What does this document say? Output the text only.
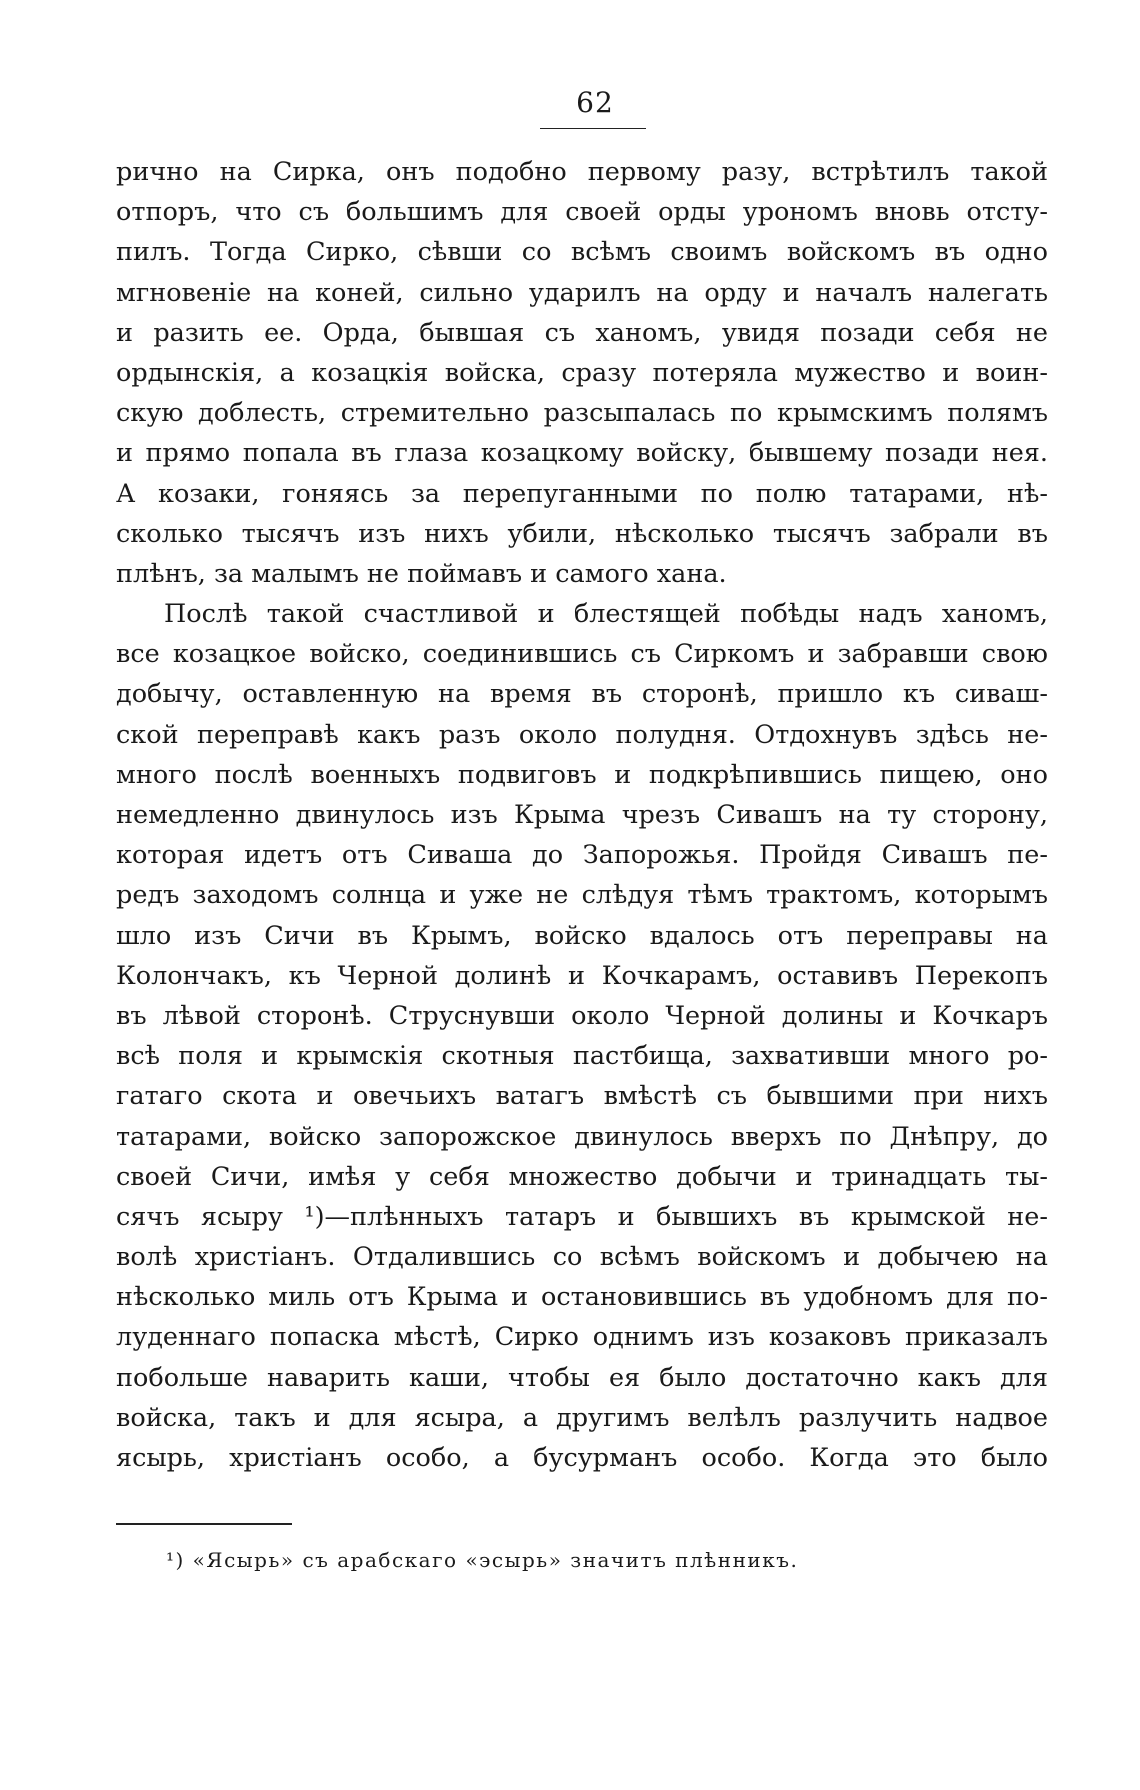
62
рично на Сирка, онъ подобно первому разу, встрѣтилъ такой
отпоръ, что съ большимъ для своей орды урономъ вновь отсту-
пилъ. Тогда Сирко, сѣвши со всѣмъ своимъ войскомъ въ одно
мгновеніе на коней, сильно ударилъ на орду и началъ налегать
и разить ее. Орда, бывшая съ ханомъ, увидя позади себя не
ордынскія, а козацкія войска, сразу потеряла мужество и воин-
скую доблесть, стремительно разсыпалась по крымскимъ полямъ
и прямо попала въ глаза козацкому войску, бывшему позади нея.
А козаки, гоняясь за перепуганными по полю татарами, нѣ-
сколько тысячъ изъ нихъ убили, нѣсколько тысячъ забрали въ
плѣнъ, за малымъ не поймавъ и самого хана.
Послѣ такой счастливой и блестящей побѣды надъ ханомъ,
все козацкое войско, соединившись съ Сиркомъ и забравши свою
добычу, оставленную на время въ сторонѣ, пришло къ сиваш-
ской переправѣ какъ разъ около полудня. Отдохнувъ здѣсь не-
много послѣ военныхъ подвиговъ и подкрѣпившись пищею, оно
немедленно двинулось изъ Крыма чрезъ Сивашъ на ту сторону,
которая идетъ отъ Сиваша до Запорожья. Пройдя Сивашъ пе-
редъ заходомъ солнца и уже не слѣдуя тѣмъ трактомъ, которымъ
шло изъ Сичи въ Крымъ, войско вдалось отъ переправы на
Колончакъ, къ Черной долинѣ и Кочкарамъ, оставивъ Перекопъ
въ лѣвой сторонѣ. Струснувши около Черной долины и Кочкаръ
всѣ поля и крымскія скотныя пастбища, захвативши много ро-
гатаго скота и овечьихъ ватагъ вмѣстѣ съ бывшими при нихъ
татарами, войско запорожское двинулось вверхъ по Днѣпру, до
своей Сичи, имѣя у себя множество добычи и тринадцать ты-
сячъ ясыру ¹)—плѣнныхъ татаръ и бывшихъ въ крымской не-
волѣ христіанъ. Отдалившись со всѣмъ войскомъ и добычею на
нѣсколько миль отъ Крыма и остановившись въ удобномъ для по-
луденнаго попаска мѣстѣ, Сирко однимъ изъ козаковъ приказалъ
побольше наварить каши, чтобы ея было достаточно какъ для
войска, такъ и для ясыра, а другимъ велѣлъ разлучить надвое
ясырь, христіанъ особо, а бусурманъ особо. Когда это было
¹) «Ясырь» съ арабскаго «эсырь» значитъ плѣнникъ.
